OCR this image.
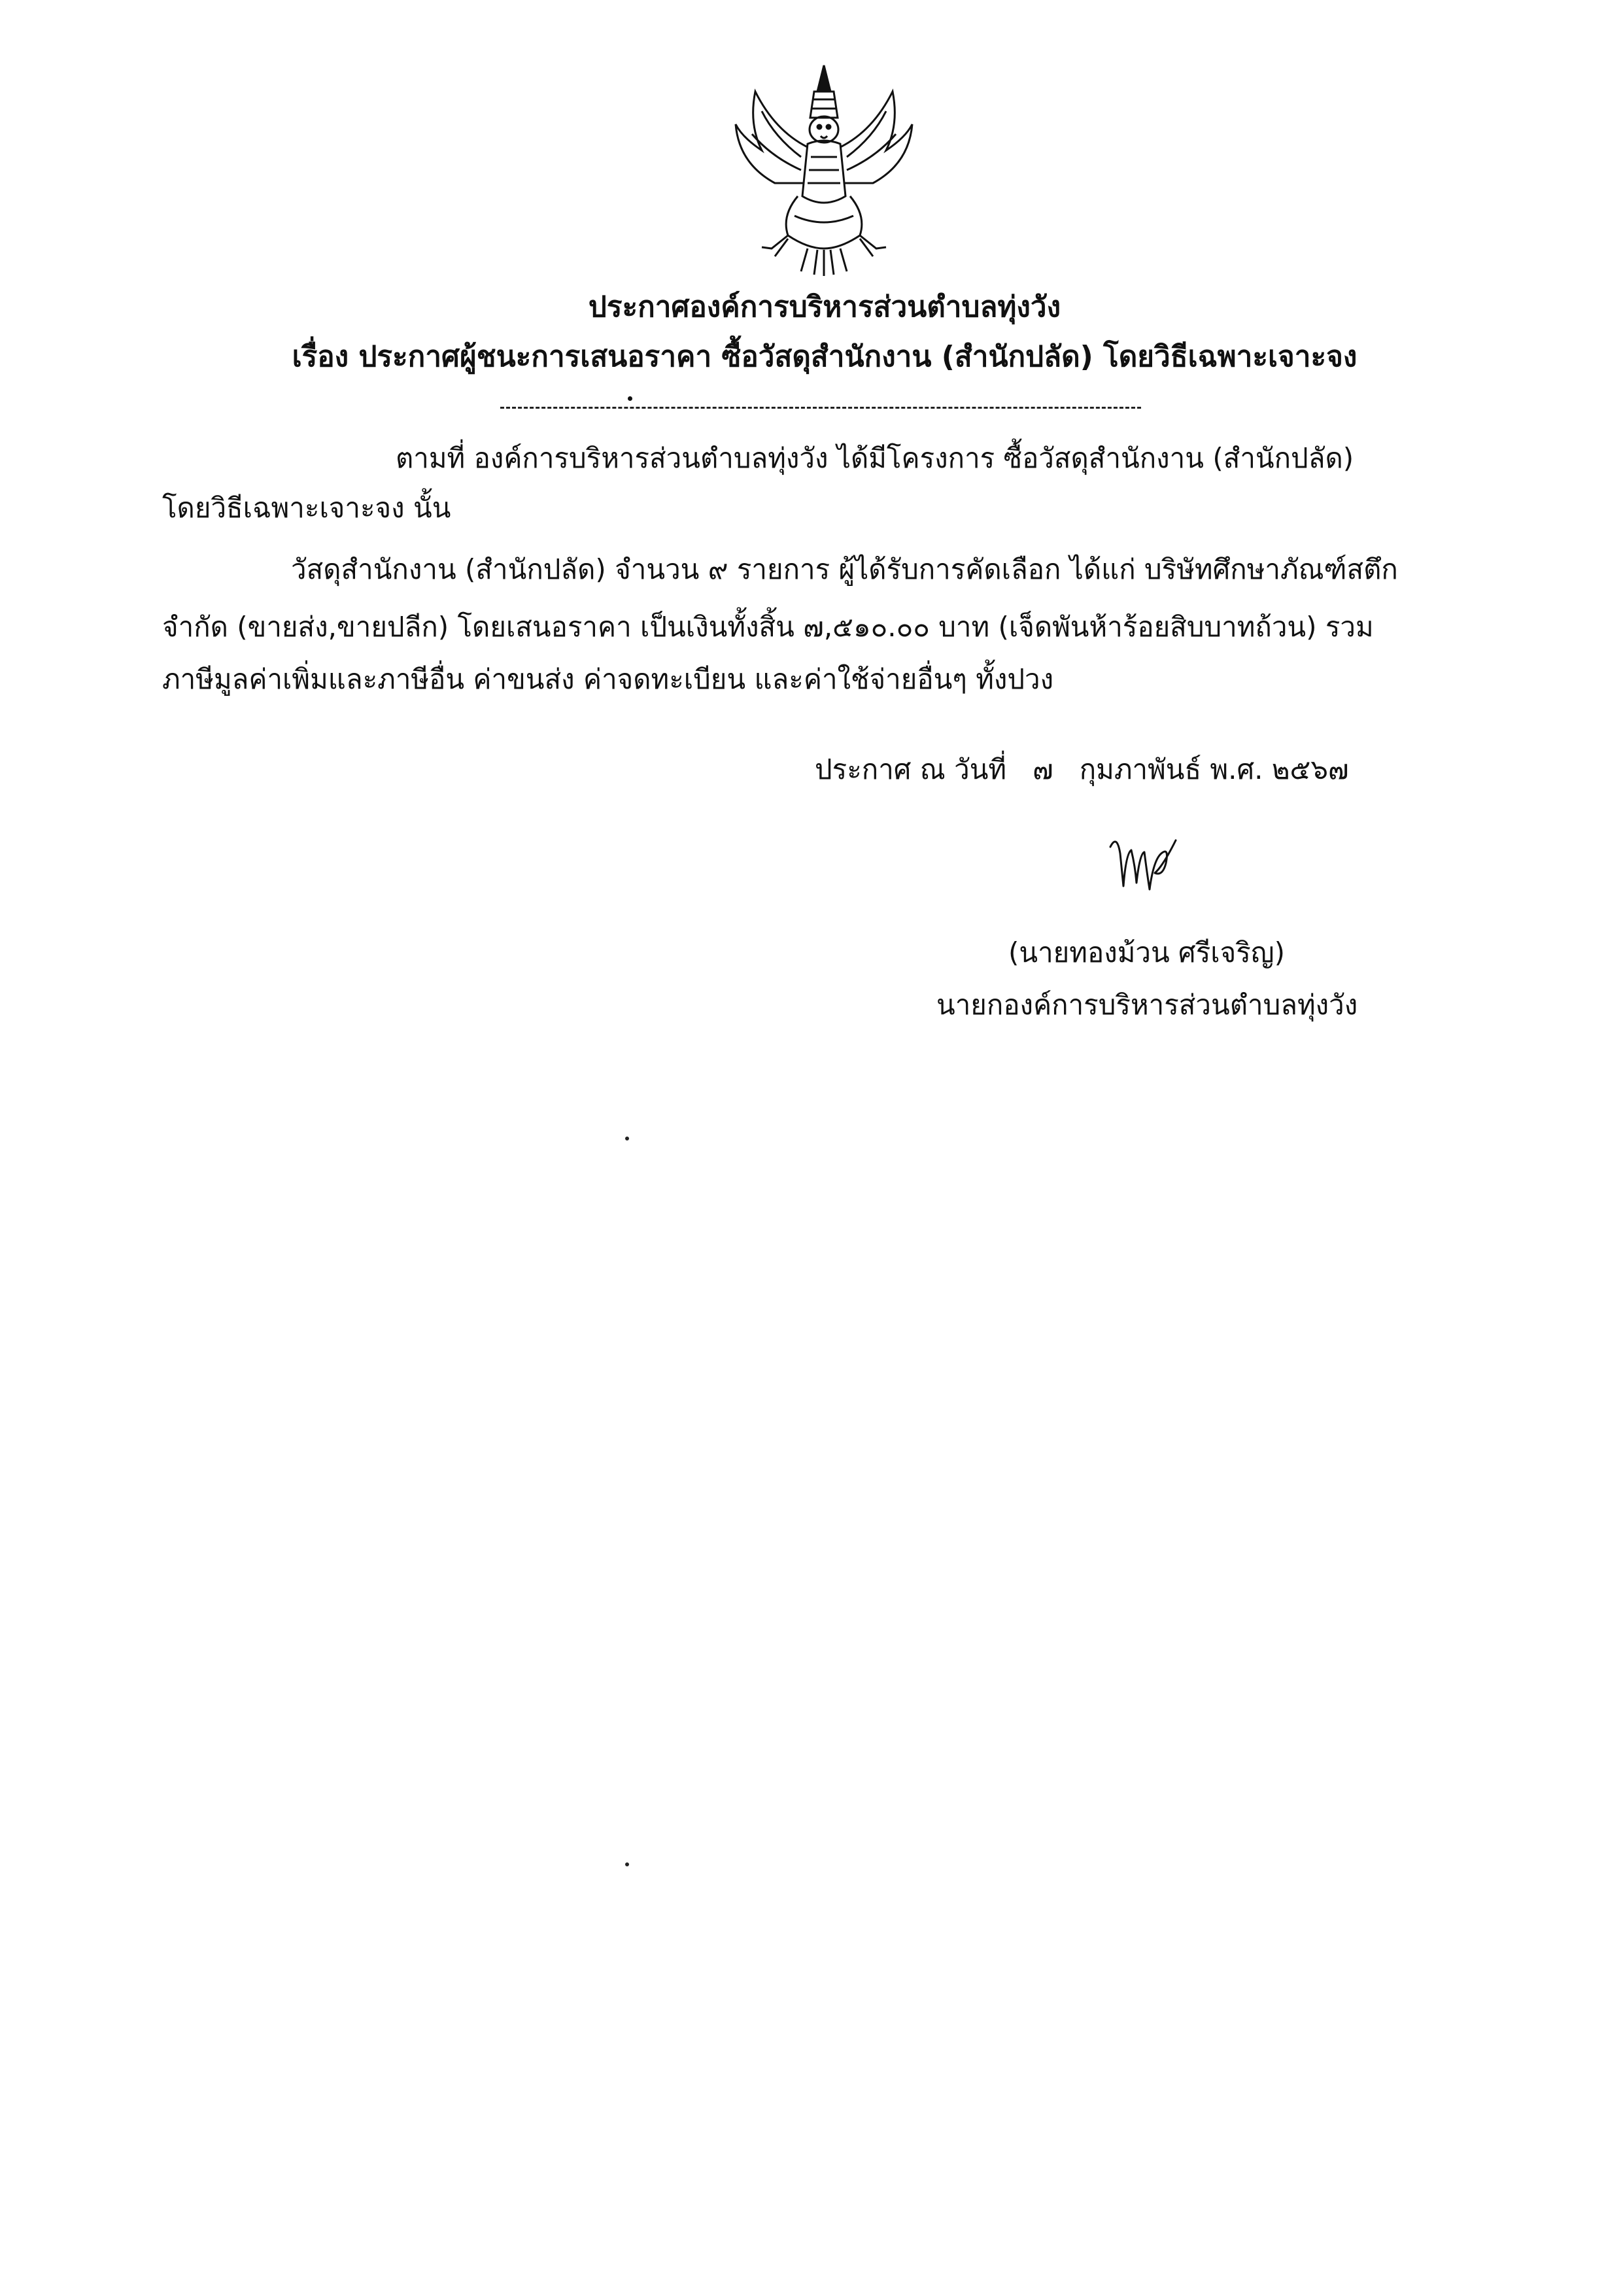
ประกาศองค์การบริหารส่วนตำบลทุ่งวัง
เรื่อง ประกาศผู้ชนะการเสนอราคา ซื้อวัสดุสำนักงาน (สำนักปลัด) โดยวิธีเฉพาะเจาะจง
ตามที่ องค์การบริหารส่วนตำบลทุ่งวัง ได้มีโครงการ ซื้อวัสดุสำนักงาน (สำนักปลัด)
โดยวิธีเฉพาะเจาะจง นั้น
วัสดุสำนักงาน (สำนักปลัด) จำนวน ๙ รายการ ผู้ได้รับการคัดเลือก ได้แก่ บริษัทศึกษาภัณฑ์สตึก
จำกัด (ขายส่ง,ขายปลีก) โดยเสนอราคา เป็นเงินทั้งสิ้น ๗,๕๑๐.๐๐ บาท (เจ็ดพันห้าร้อยสิบบาทถ้วน) รวม
ภาษีมูลค่าเพิ่มและภาษีอื่น ค่าขนส่ง ค่าจดทะเบียน และค่าใช้จ่ายอื่นๆ ทั้งปวง
ประกาศ ณ วันที่ ๗ กุมภาพันธ์ พ.ศ. ๒๕๖๗
(นายทองม้วน ศรีเจริญ)
นายกองค์การบริหารส่วนตำบลทุ่งวัง
